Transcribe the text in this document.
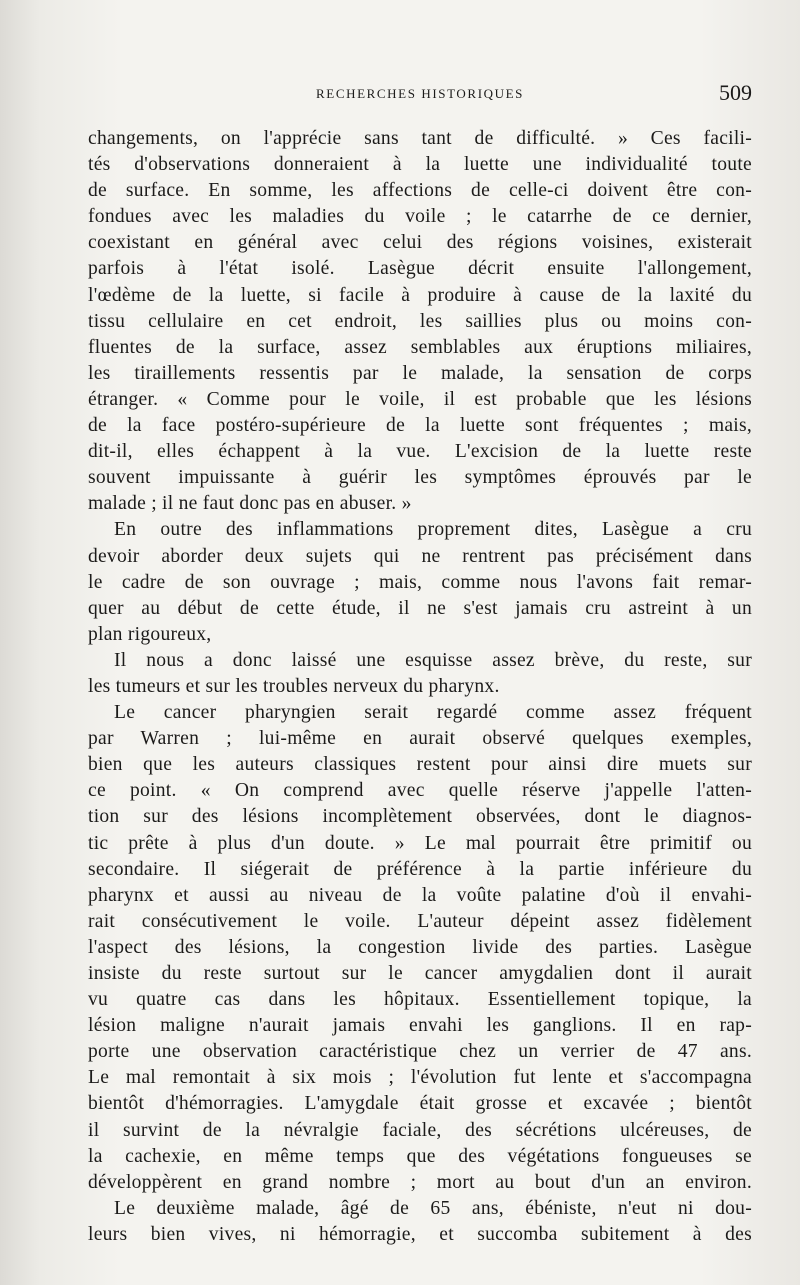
RECHERCHES HISTORIQUES	509
changements, on l'apprécie sans tant de difficulté. » Ces facili-
tés d'observations donneraient à la luette une individualité toute
de surface. En somme, les affections de celle-ci doivent être con-
fondues avec les maladies du voile ; le catarrhe de ce dernier,
coexistant en général avec celui des régions voisines, existerait
parfois à l'état isolé. Lasègue décrit ensuite l'allongement,
l'œdème de la luette, si facile à produire à cause de la laxité du
tissu cellulaire en cet endroit, les saillies plus ou moins con-
fluentes de la surface, assez semblables aux éruptions miliaires,
les tiraillements ressentis par le malade, la sensation de corps
étranger. « Comme pour le voile, il est probable que les lésions
de la face postéro-supérieure de la luette sont fréquentes ; mais,
dit-il, elles échappent à la vue. L'excision de la luette reste
souvent impuissante à guérir les symptômes éprouvés par le
malade ; il ne faut donc pas en abuser. »
En outre des inflammations proprement dites, Lasègue a cru
devoir aborder deux sujets qui ne rentrent pas précisément dans
le cadre de son ouvrage ; mais, comme nous l'avons fait remar-
quer au début de cette étude, il ne s'est jamais cru astreint à un
plan rigoureux,
Il nous a donc laissé une esquisse assez brève, du reste, sur
les tumeurs et sur les troubles nerveux du pharynx.
Le cancer pharyngien serait regardé comme assez fréquent
par Warren ; lui-même en aurait observé quelques exemples,
bien que les auteurs classiques restent pour ainsi dire muets sur
ce point. « On comprend avec quelle réserve j'appelle l'atten-
tion sur des lésions incomplètement observées, dont le diagnos-
tic prête à plus d'un doute. » Le mal pourrait être primitif ou
secondaire. Il siégerait de préférence à la partie inférieure du
pharynx et aussi au niveau de la voûte palatine d'où il envahi-
rait consécutivement le voile. L'auteur dépeint assez fidèlement
l'aspect des lésions, la congestion livide des parties. Lasègue
insiste du reste surtout sur le cancer amygdalien dont il aurait
vu quatre cas dans les hôpitaux. Essentiellement topique, la
lésion maligne n'aurait jamais envahi les ganglions. Il en rap-
porte une observation caractéristique chez un verrier de 47 ans.
Le mal remontait à six mois ; l'évolution fut lente et s'accompagna
bientôt d'hémorragies. L'amygdale était grosse et excavée ; bientôt
il survint de la névralgie faciale, des sécrétions ulcéreuses, de
la cachexie, en même temps que des végétations fongueuses se
développèrent en grand nombre ; mort au bout d'un an environ.
Le deuxième malade, âgé de 65 ans, ébéniste, n'eut ni dou-
leurs bien vives, ni hémorragie, et succomba subitement à des
